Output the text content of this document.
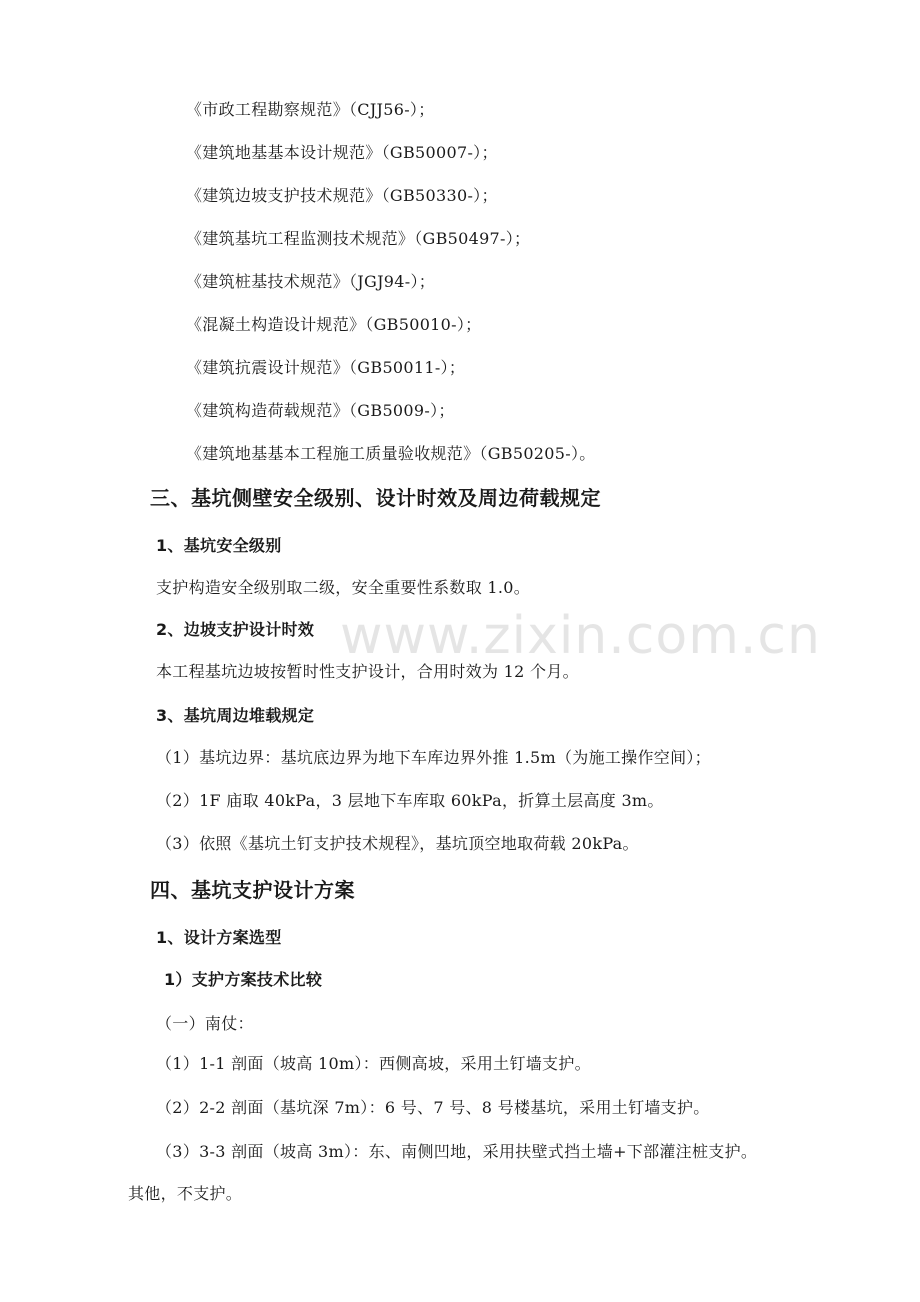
《市政工程勘察规范》（CJJ56-）；
《建筑地基基本设计规范》（GB50007-）；
《建筑边坡支护技术规范》（GB50330-）；
《建筑基坑工程监测技术规范》（GB50497-）；
《建筑桩基技术规范》（JGJ94-）；
《混凝土构造设计规范》（GB50010-）；
《建筑抗震设计规范》（GB50011-）；
《建筑构造荷载规范》（GB5009-）；
《建筑地基基本工程施工质量验收规范》（GB50205-）。
三、基坑侧壁安全级别、设计时效及周边荷载规定
1、基坑安全级别
支护构造安全级别取二级，安全重要性系数取 1.0。
2、边坡支护设计时效
本工程基坑边坡按暂时性支护设计，合用时效为 12 个月。
3、基坑周边堆载规定
（1）基坑边界：基坑底边界为地下车库边界外推 1.5m（为施工操作空间）；
（2）1F 庙取 40kPa，3 层地下车库取 60kPa，折算土层高度 3m。
（3）依照《基坑土钉支护技术规程》，基坑顶空地取荷载 20kPa。
四、基坑支护设计方案
1、设计方案选型
1）支护方案技术比较
（一）南仗：
（1）1-1 剖面（坡高 10m）：西侧高坡，采用土钉墙支护。
（2）2-2 剖面（基坑深 7m）：6 号、7 号、8 号楼基坑，采用土钉墙支护。
（3）3-3 剖面（坡高 3m）：东、南侧凹地，采用扶壁式挡土墙+下部灌注桩支护。
其他，不支护。
www.zixin.com.cn
